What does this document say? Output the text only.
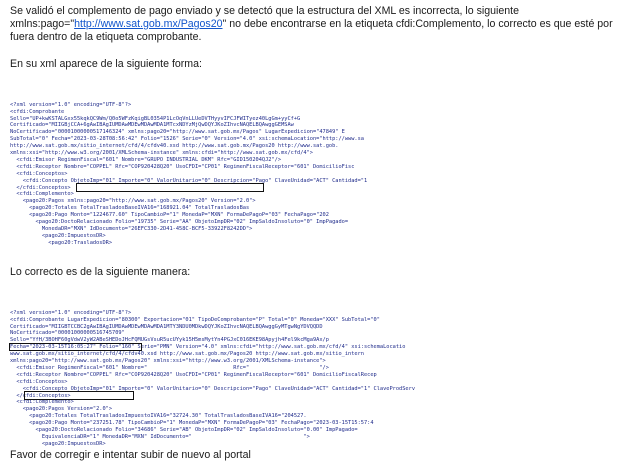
Se validó el complemento de pago enviado y se detectó que la estructura del XML es incorrecta, lo siguiente xmlns:pago="http://www.sat.gob.mx/Pagos20" no debe encontrarse en la etiqueta cfdi:Complemento, lo correcto es que esté por fuera dentro de la etiqueta comprobante.

En su xml aparece de la siguiente forma:

<?xml version="1.0" encoding="UTF-8"?>
<cfdi:Comprobante
Sello="UP+kwKSTALGxx55kqkQC9Wm/Q0o5WFzKqigBL0354P1LcOqVnLLUeDVTHyyvIFCJFWITyez40LgGm+yyCf+G
Certificado="MIIGBjCCA+6gAwIBAgIUMDAwMDEwMDAwMDA1MTcxNDYzMjQwDQYJKoZIhvcNAQELBQAwggGEMSAw
NoCertificado="00001000000517146324" xmlns:pago20="http://www.sat.gob.mx/Pagos" LugarExpedicion="47849" E
SubTotal="0" Fecha="2023-03-28T08:56:42" Folio="1526" Serie="0" Version="4.0" xsi:schemaLocation="http://www.sa
http://www.sat.gob.mx/sitio_internet/cfd/4/cfdv40.xsd http://www.sat.gob.mx/Pagos20 http://www.sat.gob.
xmlns:xsi="http://www.w3.org/2001/XMLSchema-instance" xmlns:cfdi="http://www.sat.gob.mx/cfd/4">
<cfdi:Emisor RegimenFiscal="601" Nombre="GRUPO INDUSTRIAL DKM" Rfc="GID150204QJ2"/>
<cfdi:Receptor Nombre="COPPEL" Rfc="COP920428Q20" UsoCFDI="CP01" RegimenFiscalReceptor="601" DomicilioFisc
<cfdi:Conceptos>
<cfdi:Concepto ObjetoImp="01" Importe="0" ValorUnitario="0" Descripcion="Pago" ClaveUnidad="ACT" Cantidad="1
</cfdi:Conceptos>
<cfdi:Complemento>
<pago20:Pagos xmlns:pago20="http://www.sat.gob.mx/Pagos20" Version="2.0">
<pago20:Totales TotalTrasladosBaseIVA16="168921.04" TotalTrasladosBas
<pago20:Pago Monto="1224677.60" TipoCambioP="1" MonedaP="MXN" FormaDePagoP="03" FechaPago="202
<pago20:DoctoRelacionado Folio="19735" Serie="AA" ObjetoImpDR="02" ImpSaldoInsoluto="0" ImpPagado=
MonedaDR="MXN" IdDocumento="26EFC330-2D41-458C-BCF5-33922F8242DD">
<pago20:ImpuestosDR>
<pago20:TrasladosDR>

Lo correcto es de la siguiente manera:

<?xml version="1.0" encoding="UTF-8"?>
<cfdi:Comprobante LugarExpedicion="80300" Exportacion="01" TipoDeComprobante="P" Total="0" Moneda="XXX" SubTotal="0"
Certificado="MIIGBTCCBC2gAwIBAgIUMDAwMDEwMDAwMDA1MTY3NDU0MDkwDQYJKoZIhvcNAQELBQAwggGyMTgwNgYDVQQDD
NoCertificado="00001000000516745709"
Sello="YfH/3BOHF60gVdwV2yW2ABeSHEDoJHcFQMUGsVsuR5ucUYyk15H5msMytYn4PGJxC016EKE98Apyjh4Fel9kcMga9Ax/p
Fecha="2023-03-15T16:05:27" Folio="160" Serie="PMN" Version="4.0" xmlns:cfdi="http://www.sat.gob.mx/cfd/4" xsi:schemaLocatio
www.sat.gob.mx/sitio_internet/cfd/4/cfdv40.xsd http://www.sat.gob.mx/Pagos20 http://www.sat.gob.mx/sitio_intern
xmlns:pago20="http://www.sat.gob.mx/Pagos20" xmlns:xsi="http://www.w3.org/2001/XMLSchema-instance">
<cfdi:Emisor RegimenFiscal="601" Nombre="                           Rfc="                      "/>
<cfdi:Receptor Nombre="COPPEL" Rfc="COP920428Q20" UsoCFDI="CP01" RegimenFiscalReceptor="601" DomicilioFiscalRecep
<cfdi:Conceptos>
<cfdi:Concepto ObjetoImp="01" Importe="0" ValorUnitario="0" Descripcion="Pago" ClaveUnidad="ACT" Cantidad="1" ClaveProdServ
</cfdi:Conceptos>
<cfdi:Complemento>
<pago20:Pagos Version="2.0">
<pago20:Totales TotalTrasladosImpuestoIVA16="32724.30" TotalTrasladosBaseIVA16="204527.
<pago20:Pago Monto="237251.78" TipoCambioP="1" MonedaP="MXN" FormaDePagoP="03" FechaPago="2023-03-15T15:57:4
<pago20:DoctoRelacionado Folio="34686" Serie="AB" ObjetoImpDR="02" ImpSaldoInsoluto="0.00" ImpPagado=
EquivalenciaDR="1" MonedaDR="MXN" IdDocumento="                                   ">
<pago20:ImpuestosDR>

Favor de corregir e intentar subir de nuevo al portal
